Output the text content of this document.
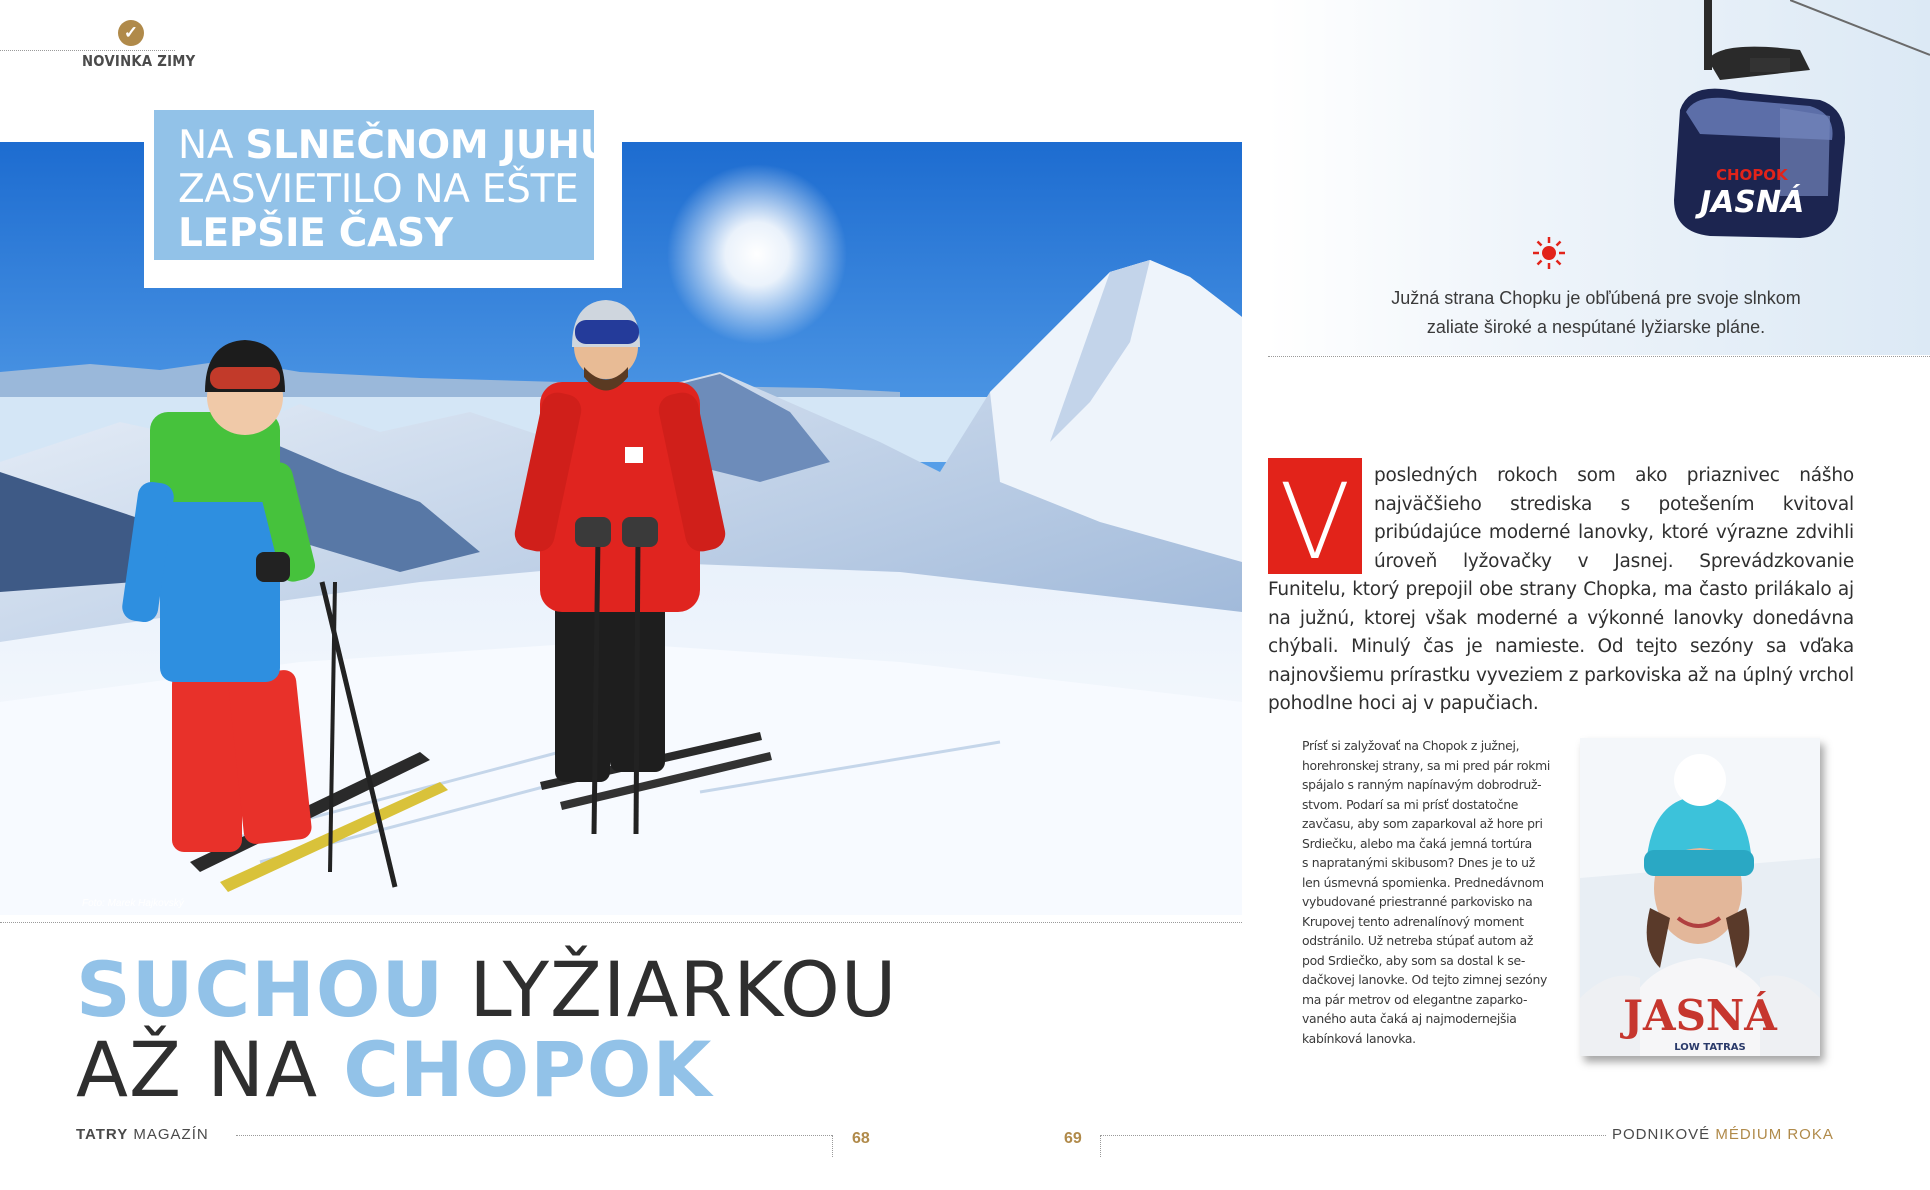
✓
NOVINKA ZIMY
Foto: Marek Hajkovský
NA SLNEČNOM JUHU
ZASVIETILO NA EŠTE
LEPŠIE ČASY
SUCHOU LYŽIARKOU
AŽ NA CHOPOK
CHOPOK
JASNÁ
Južná strana Chopku je obľúbená pre svoje slnkom
zaliate široké a nespútané lyžiarske pláne.
V	posledných rokoch som ako priaznivec nášho najväčšieho strediska s potešením kvitoval pribúdajúce moderné lanovky, ktoré výrazne zdvihli úroveň lyžovačky v Jasnej. Sprevádzkovanie Funitelu, ktorý prepojil obe strany Chopka, ma často prilákalo aj na južnú, ktorej však moderné a výkonné lanovky donedávna chýbali. Minulý čas je namieste. Od tejto sezóny sa vďaka najnovšiemu prírastku vyveziem z parkoviska až na úplný vrchol pohodlne hoci aj v papučiach.
Prísť si zalyžovať na Chopok z južnej,
horehronskej strany, sa mi pred pár rokmi
spájalo s ranným napínavým dobrodruž-
stvom. Podarí sa mi prísť dostatočne
zavčasu, aby som zaparkoval až hore pri
Srdiečku, alebo ma čaká jemná tortúra
s napratanými skibusom? Dnes je to už
len úsmevná spomienka. Prednedávnom
vybudované priestranné parkovisko na
Krupovej tento adrenalínový moment
odstránilo. Už netreba stúpať autom až
pod Srdiečko, aby som sa dostal k se-
dačkovej lanovke. Od tejto zimnej sezóny
ma pár metrov od elegantne zaparko-
vaného auta čaká aj najmodernejšia
kabínková lanovka.	JASNÁ
LOW TATRAS
TATRY MAGAZÍN	68	69	PODNIKOVÉ MÉDIUM ROKA
